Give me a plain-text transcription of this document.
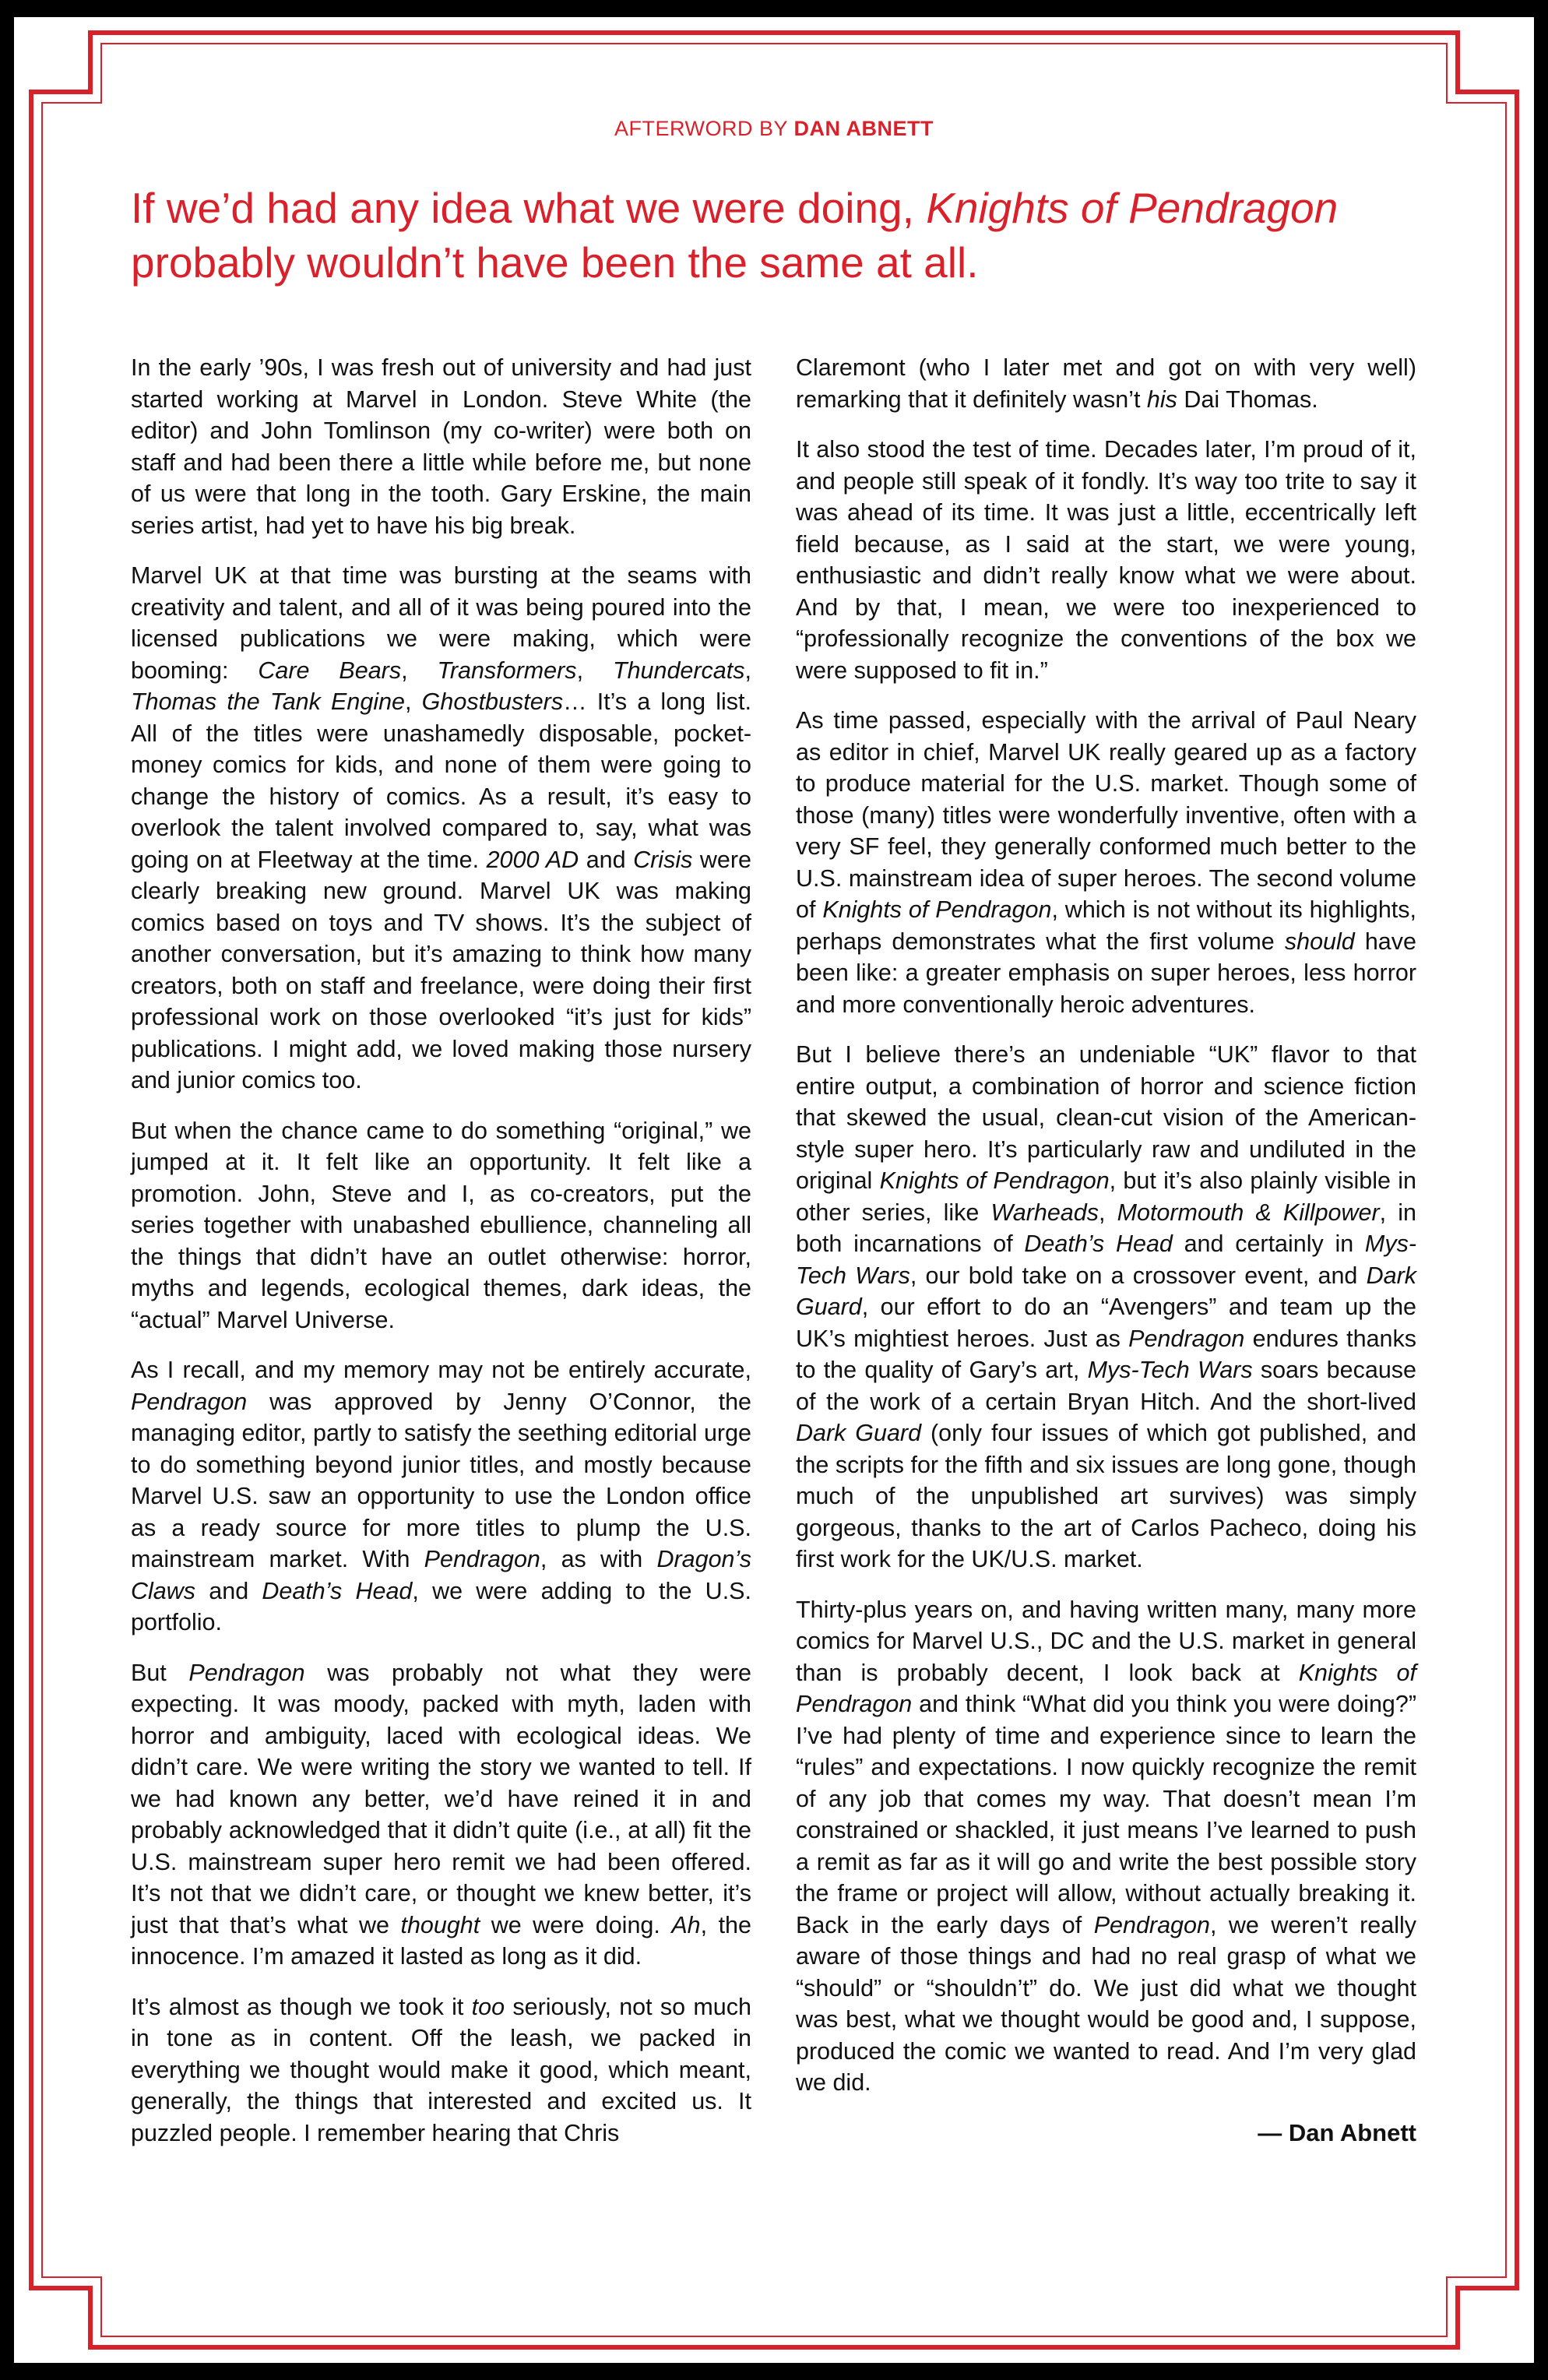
AFTERWORD BY DAN ABNETT
If we’d had any idea what we were doing, Knights of Pendragon probably wouldn’t have been the same at all.

In the early ’90s, I was fresh out of university and had just started working at Marvel in London. Steve White (the editor) and John Tomlinson (my co-writer) were both on staff and had been there a little while before me, but none of us were that long in the tooth. Gary Erskine, the main series artist, had yet to have his big break.

Marvel UK at that time was bursting at the seams with creativity and talent, and all of it was being poured into the licensed publications we were making, which were booming: Care Bears, Transformers, Thundercats, Thomas the Tank Engine, Ghostbusters… It’s a long list. All of the titles were unashamedly disposable, pocket-money comics for kids, and none of them were going to change the history of comics. As a result, it’s easy to overlook the talent involved compared to, say, what was going on at Fleetway at the time. 2000 AD and Crisis were clearly breaking new ground. Marvel UK was making comics based on toys and TV shows. It’s the subject of another conversation, but it’s amazing to think how many creators, both on staff and freelance, were doing their first professional work on those overlooked “it’s just for kids” publications. I might add, we loved making those nursery and junior comics too.

But when the chance came to do something “original,” we jumped at it. It felt like an opportunity. It felt like a promotion. John, Steve and I, as co-creators, put the series together with unabashed ebullience, channeling all the things that didn’t have an outlet otherwise: horror, myths and legends, ecological themes, dark ideas, the “actual” Marvel Universe.

As I recall, and my memory may not be entirely accurate, Pendragon was approved by Jenny O’Connor, the managing editor, partly to satisfy the seething editorial urge to do something beyond junior titles, and mostly because Marvel U.S. saw an opportunity to use the London office as a ready source for more titles to plump the U.S. mainstream market. With Pendragon, as with Dragon’s Claws and Death’s Head, we were adding to the U.S. portfolio.

But Pendragon was probably not what they were expecting. It was moody, packed with myth, laden with horror and ambiguity, laced with ecological ideas. We didn’t care. We were writing the story we wanted to tell. If we had known any better, we’d have reined it in and probably acknowledged that it didn’t quite (i.e., at all) fit the U.S. mainstream super hero remit we had been offered. It’s not that we didn’t care, or thought we knew better, it’s just that that’s what we thought we were doing. Ah, the innocence. I’m amazed it lasted as long as it did.

It’s almost as though we took it too seriously, not so much in tone as in content. Off the leash, we packed in everything we thought would make it good, which meant, generally, the things that interested and excited us. It puzzled people. I remember hearing that Chris

Claremont (who I later met and got on with very well) remarking that it definitely wasn’t his Dai Thomas.

It also stood the test of time. Decades later, I’m proud of it, and people still speak of it fondly. It’s way too trite to say it was ahead of its time. It was just a little, eccentrically left field because, as I said at the start, we were young, enthusiastic and didn’t really know what we were about. And by that, I mean, we were too inexperienced to “professionally recognize the conventions of the box we were supposed to fit in.”

As time passed, especially with the arrival of Paul Neary as editor in chief, Marvel UK really geared up as a factory to produce material for the U.S. market. Though some of those (many) titles were wonderfully inventive, often with a very SF feel, they generally conformed much better to the U.S. mainstream idea of super heroes. The second volume of Knights of Pendragon, which is not without its highlights, perhaps demonstrates what the first volume should have been like: a greater emphasis on super heroes, less horror and more conventionally heroic adventures.

But I believe there’s an undeniable “UK” flavor to that entire output, a combination of horror and science fiction that skewed the usual, clean-cut vision of the American-style super hero. It’s particularly raw and undiluted in the original Knights of Pendragon, but it’s also plainly visible in other series, like Warheads, Motormouth & Killpower, in both incarnations of Death’s Head and certainly in Mys-Tech Wars, our bold take on a crossover event, and Dark Guard, our effort to do an “Avengers” and team up the UK’s mightiest heroes. Just as Pendragon endures thanks to the quality of Gary’s art, Mys-Tech Wars soars because of the work of a certain Bryan Hitch. And the short-lived Dark Guard (only four issues of which got published, and the scripts for the fifth and six issues are long gone, though much of the unpublished art survives) was simply gorgeous, thanks to the art of Carlos Pacheco, doing his first work for the UK/U.S. market.

Thirty-plus years on, and having written many, many more comics for Marvel U.S., DC and the U.S. market in general than is probably decent, I look back at Knights of Pendragon and think “What did you think you were doing?” I’ve had plenty of time and experience since to learn the “rules” and expectations. I now quickly recognize the remit of any job that comes my way. That doesn’t mean I’m constrained or shackled, it just means I’ve learned to push a remit as far as it will go and write the best possible story the frame or project will allow, without actually breaking it. Back in the early days of Pendragon, we weren’t really aware of those things and had no real grasp of what we “should” or “shouldn’t” do. We just did what we thought was best, what we thought would be good and, I suppose, produced the comic we wanted to read. And I’m very glad we did.

— Dan Abnett
